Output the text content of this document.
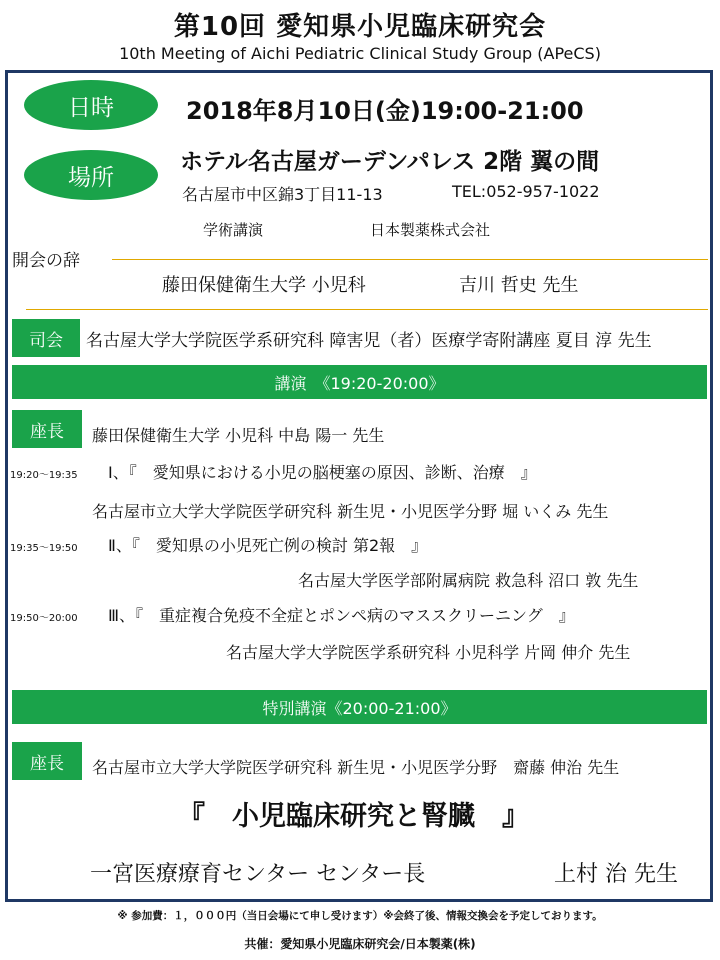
第10回 愛知県小児臨床研究会
10th Meeting of Aichi Pediatric Clinical Study Group (APeCS)
日時	2018年8月10日(金)19:00-21:00
場所
ホテル名古屋ガーデンパレス 2階 翼の間
名古屋市中区錦3丁目11-13	TEL:052-957-1022
学術講演	日本製薬株式会社
開会の辞
藤田保健衛生大学 小児科	吉川 哲史 先生
司会	名古屋大学大学院医学系研究科 障害児（者）医療学寄附講座 夏目 淳 先生
講演　《19:20-20:00》
座長	藤田保健衛生大学 小児科 中島 陽一 先生
19:20～19:35 Ⅰ、『　愛知県における小児の脳梗塞の原因、診断、治療　』
名古屋市立大学大学院医学研究科 新生児・小児医学分野 堀 いくみ 先生
19:35～19:50 Ⅱ、『　愛知県の小児死亡例の検討 第2報　』
名古屋大学医学部附属病院 救急科 沼口 敦 先生
19:50～20:00 Ⅲ、『　重症複合免疫不全症とポンペ病のマススクリーニング　』
名古屋大学大学院医学系研究科 小児科学 片岡 伸介 先生
特別講演《20:00-21:00》
座長	名古屋市立大学大学院医学研究科 新生児・小児医学分野　齋藤 伸治 先生
『　小児臨床研究と腎臓　』
一宮医療療育センター センター長	上村 治 先生
※ 参加費：１，０００円（当日会場にて申し受けます）※会終了後、情報交換会を予定しております。
共催：愛知県小児臨床研究会/日本製薬(株)
